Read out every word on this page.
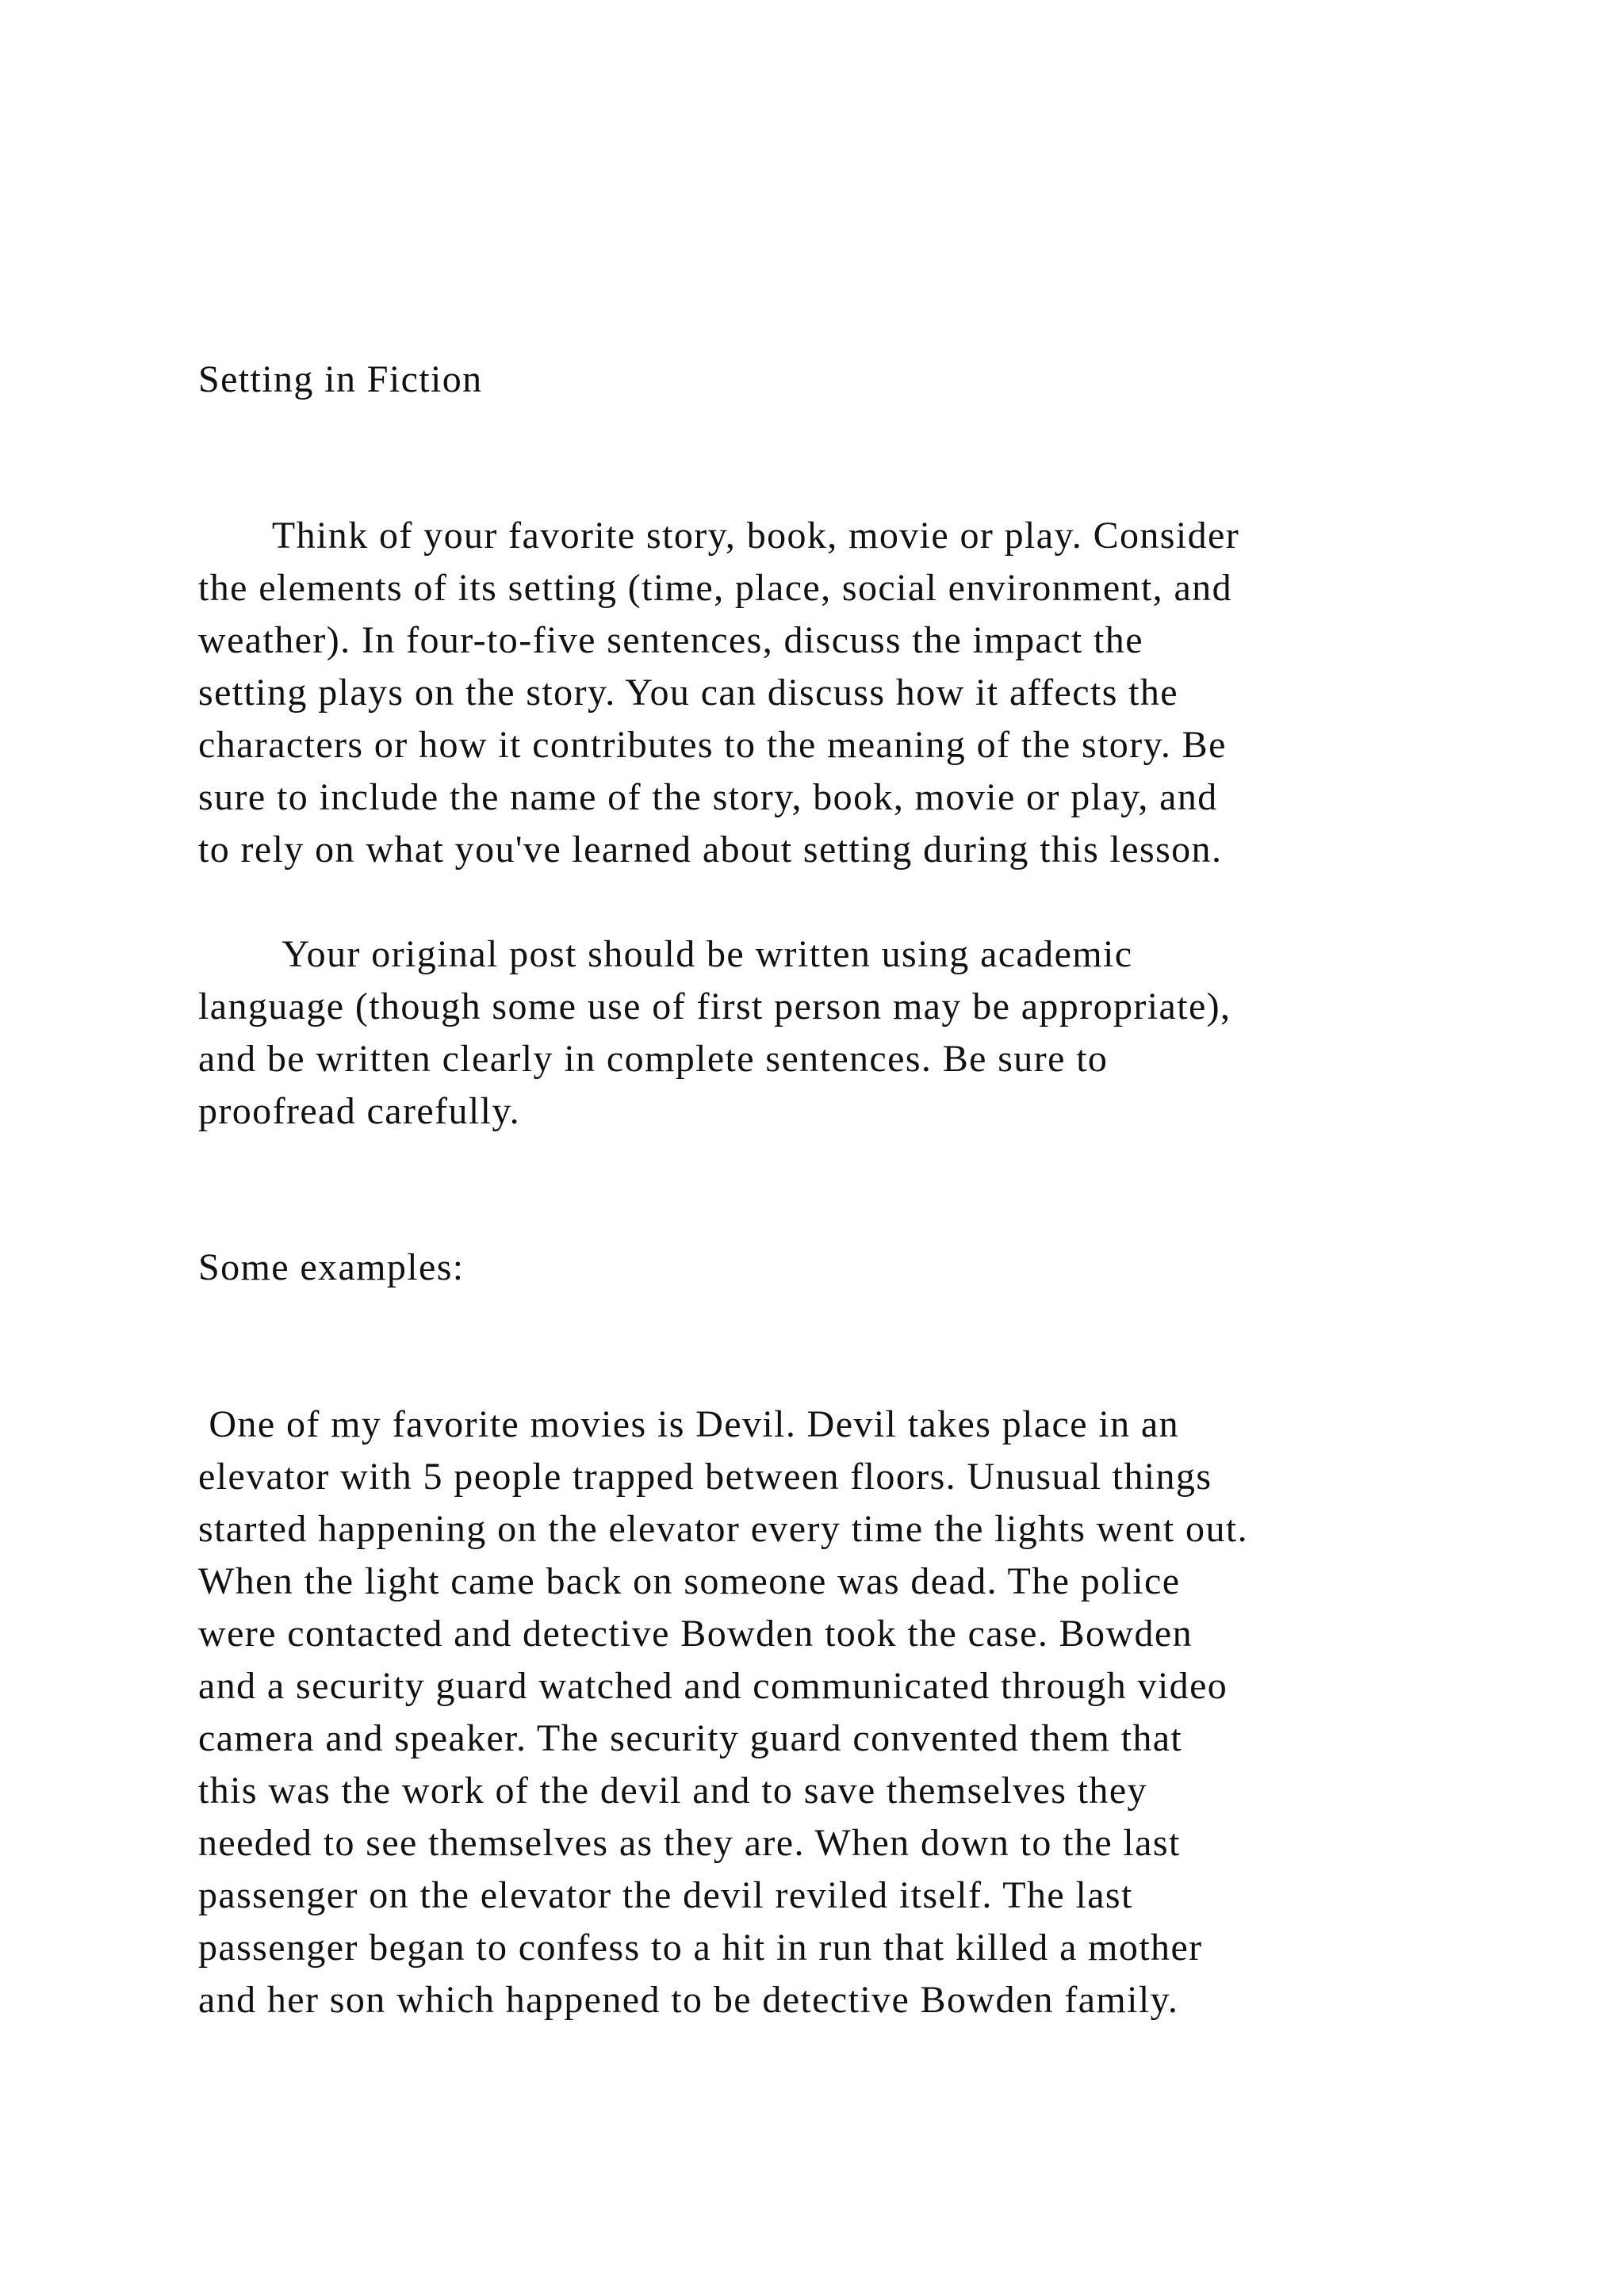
Setting in Fiction

Think of your favorite story, book, movie or play. Consider

the elements of its setting (time, place, social environment, and

weather). In four-to-five sentences, discuss the impact the

setting plays on the story. You can discuss how it affects the

characters or how it contributes to the meaning of the story. Be

sure to include the name of the story, book, movie or play, and

to rely on what you've learned about setting during this lesson.

Your original post should be written using academic

language (though some use of first person may be appropriate),

and be written clearly in complete sentences. Be sure to

proofread carefully.

Some examples:

One of my favorite movies is Devil. Devil takes place in an

elevator with 5 people trapped between floors. Unusual things

started happening on the elevator every time the lights went out.

When the light came back on someone was dead. The police

were contacted and detective Bowden took the case. Bowden

and a security guard watched and communicated through video

camera and speaker. The security guard convented them that

this was the work of the devil and to save themselves they

needed to see themselves as they are. When down to the last

passenger on the elevator the devil reviled itself. The last

passenger began to confess to a hit in run that killed a mother

and her son which happened to be detective Bowden family.
